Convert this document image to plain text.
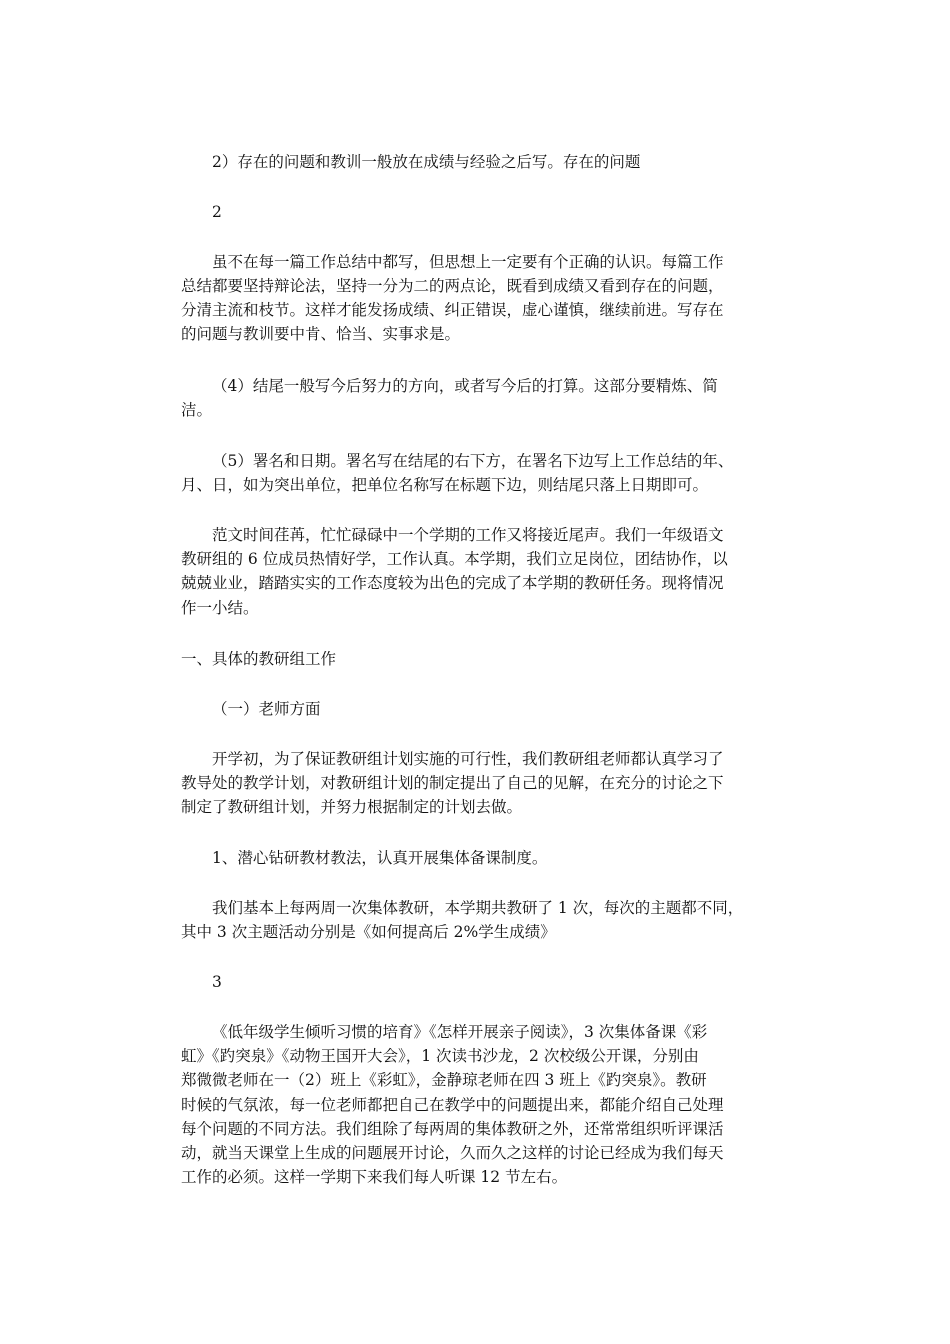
2）存在的问题和教训一般放在成绩与经验之后写。存在的问题

2

虽不在每一篇工作总结中都写，但思想上一定要有个正确的认识。每篇工作

总结都要坚持辩论法，坚持一分为二的两点论，既看到成绩又看到存在的问题，

分清主流和枝节。这样才能发扬成绩、纠正错误，虚心谨慎，继续前进。写存在

的问题与教训要中肯、恰当、实事求是。

（4）结尾一般写今后努力的方向，或者写今后的打算。这部分要精炼、简

洁。

（5）署名和日期。署名写在结尾的右下方，在署名下边写上工作总结的年、

月、日，如为突出单位，把单位名称写在标题下边，则结尾只落上日期即可。

范文时间荏苒，忙忙碌碌中一个学期的工作又将接近尾声。我们一年级语文

教研组的 6 位成员热情好学，工作认真。本学期，我们立足岗位，团结协作，以

兢兢业业，踏踏实实的工作态度较为出色的完成了本学期的教研任务。现将情况

作一小结。

一、具体的教研组工作

（一）老师方面

开学初，为了保证教研组计划实施的可行性，我们教研组老师都认真学习了

教导处的教学计划，对教研组计划的制定提出了自己的见解，在充分的讨论之下

制定了教研组计划，并努力根据制定的计划去做。

1、潜心钻研教材教法，认真开展集体备课制度。

我们基本上每两周一次集体教研，本学期共教研了 1 次，每次的主题都不同，

其中 3 次主题活动分别是《如何提高后 2%学生成绩》

3

《低年级学生倾听习惯的培育》《怎样开展亲子阅读》，3 次集体备课《彩

虹》《趵突泉》《动物王国开大会》，1 次读书沙龙，2 次校级公开课，分别由

郑微微老师在一（2）班上《彩虹》，金静琼老师在四 3 班上《趵突泉》。教研

时候的气氛浓，每一位老师都把自己在教学中的问题提出来，都能介绍自己处理

每个问题的不同方法。我们组除了每两周的集体教研之外，还常常组织听评课活

动，就当天课堂上生成的问题展开讨论，久而久之这样的讨论已经成为我们每天

工作的必须。这样一学期下来我们每人听课 12 节左右。
